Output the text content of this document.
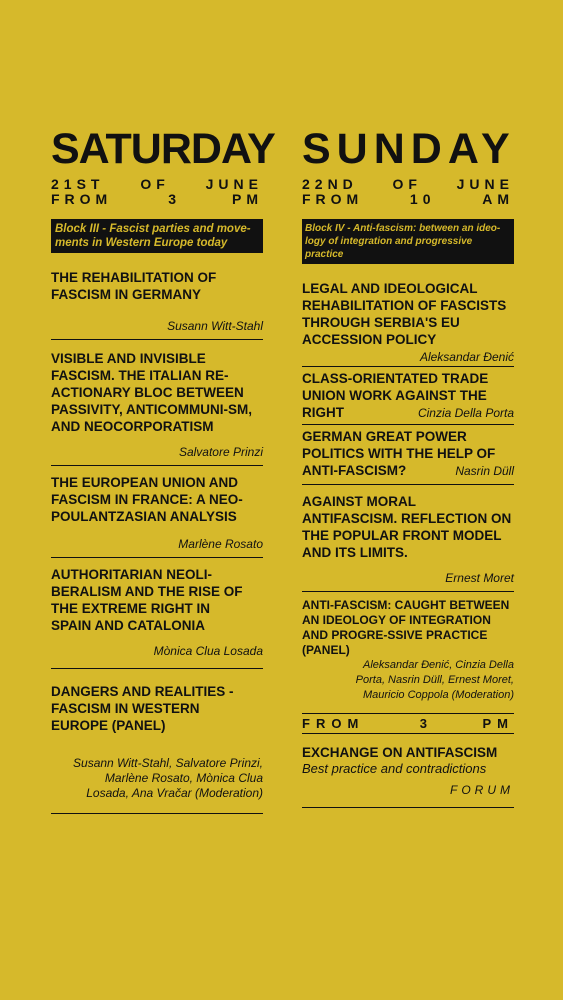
SATURDAY
21ST	OF	JUNE
FROM	3	PM
Block III - Fascist parties and move-
ments in Western Europe today

THE REHABILITATION OF FASCISM IN GERMANY

Susann Witt-Stahl

VISIBLE AND INVISIBLE FASCISM. THE ITALIAN RE-ACTIONARY BLOC BETWEEN PASSIVITY, ANTICOMMUNI-SM, AND NEOCORPORATISM

Salvatore Prinzi

THE EUROPEAN UNION AND FASCISM IN FRANCE: A NEO-POULANTZASIAN ANALYSIS

Marlène Rosato

AUTHORITARIAN NEOLI-BERALISM AND THE RISE OF THE EXTREME RIGHT IN SPAIN AND CATALONIA

Mònica Clua Losada

DANGERS AND REALITIES - FASCISM IN WESTERN EUROPE (PANEL)

Susann Witt-Stahl, Salvatore Prinzi, Marlène Rosato, Mònica Clua Losada, Ana Vračar (Moderation)

SUNDAY
22ND OF JUNE
FROM	10	AM
Block IV - Anti-fascism: between an ideo-
logy of integration and progressive practice

LEGAL AND IDEOLOGICAL REHABILITATION OF FASCISTS THROUGH SERBIA'S EU ACCESSION POLICY

Aleksandar Đenić

CLASS-ORIENTATED TRADE UNION WORK AGAINST THE RIGHT	Cinzia Della Porta

GERMAN GREAT POWER POLITICS WITH THE HELP OF ANTI-FASCISM?	Nasrin Düll

AGAINST MORAL ANTIFASCISM. REFLECTION ON THE POPULAR FRONT MODEL AND ITS LIMITS.

Ernest Moret

ANTI-FASCISM: CAUGHT BETWEEN AN IDEOLOGY OF INTEGRATION AND PROGRE-SSIVE PRACTICE (PANEL)

Aleksandar Đenić, Cinzia Della Porta, Nasrin Düll, Ernest Moret, Mauricio Coppola (Moderation)

FROM	3	PM

EXCHANGE ON ANTIFASCISM

Best practice and contradictions

FORUM
